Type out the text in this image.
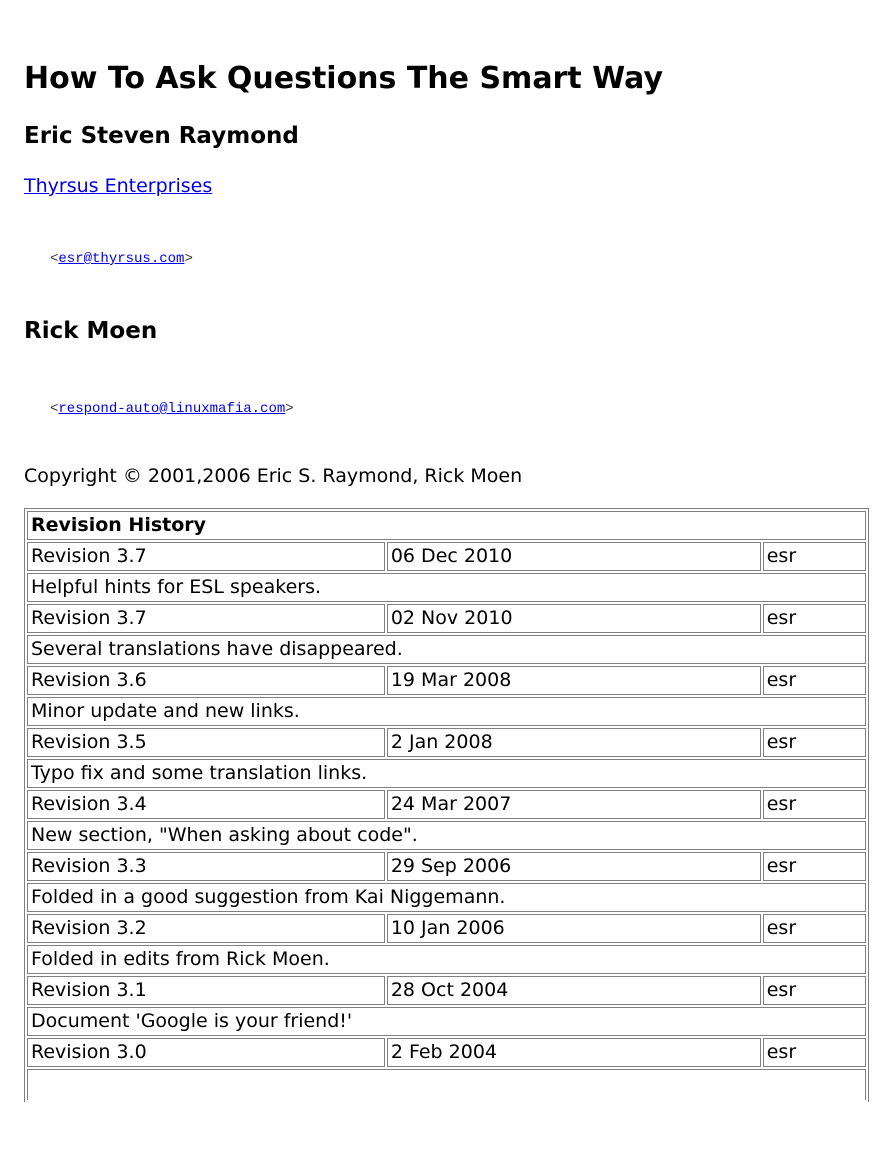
How To Ask Questions The Smart Way
Eric Steven Raymond
Thyrsus Enterprises
<esr@thyrsus.com>
Rick Moen
<respond-auto@linuxmafia.com>
Copyright © 2001,2006 Eric S. Raymond, Rick Moen
Revision History		
Revision 3.7	06 Dec 2010	esr
Helpful hints for ESL speakers.		
Revision 3.7	02 Nov 2010	esr
Several translations have disappeared.		
Revision 3.6	19 Mar 2008	esr
Minor update and new links.		
Revision 3.5	2 Jan 2008	esr
Typo fix and some translation links.		
Revision 3.4	24 Mar 2007	esr
New section, "When asking about code".		
Revision 3.3	29 Sep 2006	esr
Folded in a good suggestion from Kai Niggemann.		
Revision 3.2	10 Jan 2006	esr
Folded in edits from Rick Moen.		
Revision 3.1	28 Oct 2004	esr
Document 'Google is your friend!'		
Revision 3.0	2 Feb 2004	esr
